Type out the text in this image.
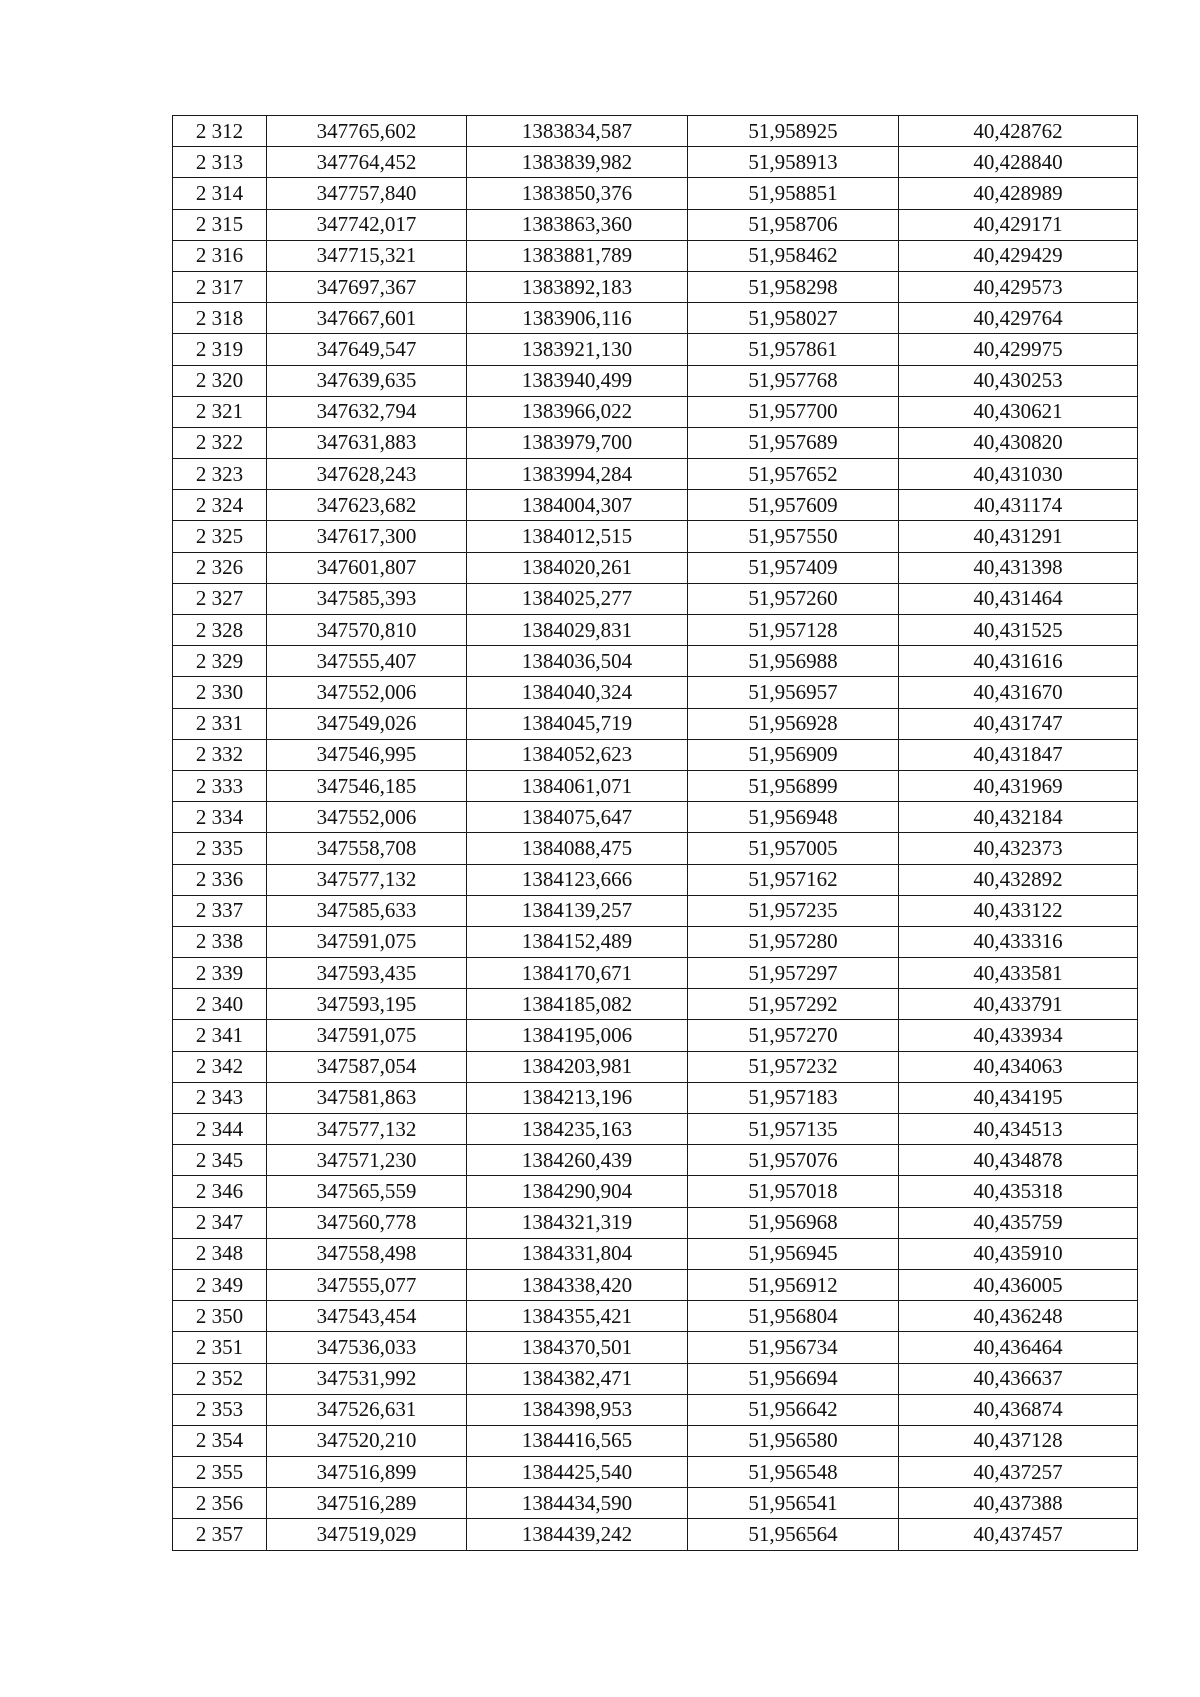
2 312	347765,602	1383834,587	51,958925	40,428762
2 313	347764,452	1383839,982	51,958913	40,428840
2 314	347757,840	1383850,376	51,958851	40,428989
2 315	347742,017	1383863,360	51,958706	40,429171
2 316	347715,321	1383881,789	51,958462	40,429429
2 317	347697,367	1383892,183	51,958298	40,429573
2 318	347667,601	1383906,116	51,958027	40,429764
2 319	347649,547	1383921,130	51,957861	40,429975
2 320	347639,635	1383940,499	51,957768	40,430253
2 321	347632,794	1383966,022	51,957700	40,430621
2 322	347631,883	1383979,700	51,957689	40,430820
2 323	347628,243	1383994,284	51,957652	40,431030
2 324	347623,682	1384004,307	51,957609	40,431174
2 325	347617,300	1384012,515	51,957550	40,431291
2 326	347601,807	1384020,261	51,957409	40,431398
2 327	347585,393	1384025,277	51,957260	40,431464
2 328	347570,810	1384029,831	51,957128	40,431525
2 329	347555,407	1384036,504	51,956988	40,431616
2 330	347552,006	1384040,324	51,956957	40,431670
2 331	347549,026	1384045,719	51,956928	40,431747
2 332	347546,995	1384052,623	51,956909	40,431847
2 333	347546,185	1384061,071	51,956899	40,431969
2 334	347552,006	1384075,647	51,956948	40,432184
2 335	347558,708	1384088,475	51,957005	40,432373
2 336	347577,132	1384123,666	51,957162	40,432892
2 337	347585,633	1384139,257	51,957235	40,433122
2 338	347591,075	1384152,489	51,957280	40,433316
2 339	347593,435	1384170,671	51,957297	40,433581
2 340	347593,195	1384185,082	51,957292	40,433791
2 341	347591,075	1384195,006	51,957270	40,433934
2 342	347587,054	1384203,981	51,957232	40,434063
2 343	347581,863	1384213,196	51,957183	40,434195
2 344	347577,132	1384235,163	51,957135	40,434513
2 345	347571,230	1384260,439	51,957076	40,434878
2 346	347565,559	1384290,904	51,957018	40,435318
2 347	347560,778	1384321,319	51,956968	40,435759
2 348	347558,498	1384331,804	51,956945	40,435910
2 349	347555,077	1384338,420	51,956912	40,436005
2 350	347543,454	1384355,421	51,956804	40,436248
2 351	347536,033	1384370,501	51,956734	40,436464
2 352	347531,992	1384382,471	51,956694	40,436637
2 353	347526,631	1384398,953	51,956642	40,436874
2 354	347520,210	1384416,565	51,956580	40,437128
2 355	347516,899	1384425,540	51,956548	40,437257
2 356	347516,289	1384434,590	51,956541	40,437388
2 357	347519,029	1384439,242	51,956564	40,437457
